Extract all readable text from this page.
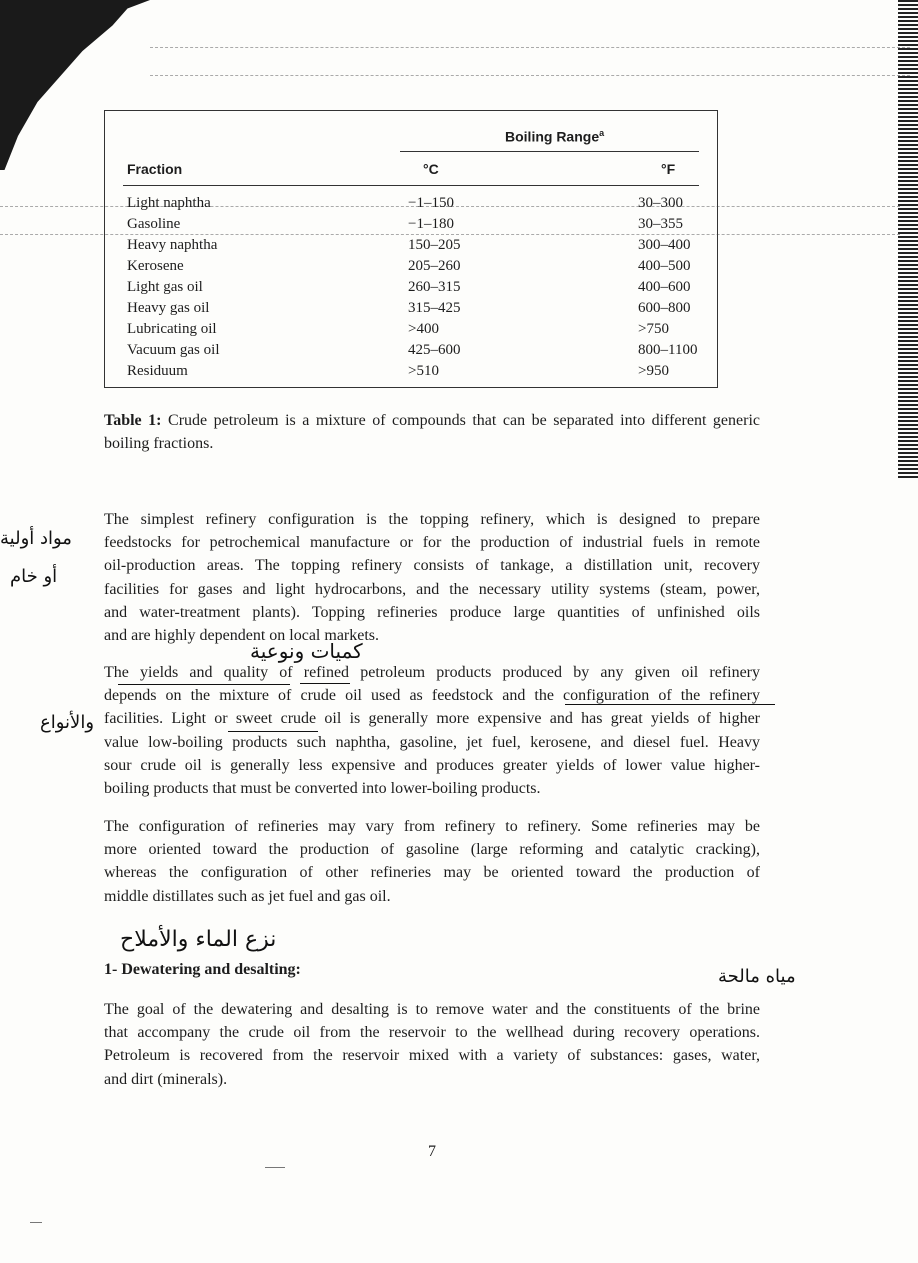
Boiling Range$^a$
Fraction	°C	°F
Light naphtha	−1–150	30–300
Gasoline	−1–180	30–355
Heavy naphtha	150–205	300–400
Kerosene	205–260	400–500
Light gas oil	260–315	400–600
Heavy gas oil	315–425	600–800
Lubricating oil	>400	>750
Vacuum gas oil	425–600	800–1100
Residuum	>510	>950
Table 1: Crude petroleum is a mixture of compounds that can be separated into different generic boiling fractions.
The simplest refinery configuration is the topping refinery, which is designed to prepare
feedstocks for petrochemical manufacture or for the production of industrial fuels in remote
oil-production areas. The topping refinery consists of tankage, a distillation unit, recovery
facilities for gases and light hydrocarbons, and the necessary utility systems (steam, power,
and water-treatment plants). Topping refineries produce large quantities of unfinished oils
and are highly dependent on local markets.
The yields and quality of refined petroleum products produced by any given oil refinery
depends on the mixture of crude oil used as feedstock and the configuration of the refinery
facilities. Light or sweet crude oil is generally more expensive and has great yields of higher
value low-boiling products such naphtha, gasoline, jet fuel, kerosene, and diesel fuel. Heavy
sour crude oil is generally less expensive and produces greater yields of lower value higher-
boiling products that must be converted into lower-boiling products.
The configuration of refineries may vary from refinery to refinery. Some refineries may be
more oriented toward the production of gasoline (large reforming and catalytic cracking),
whereas the configuration of other refineries may be oriented toward the production of
middle distillates such as jet fuel and gas oil.
1- Dewatering and desalting:
The goal of the dewatering and desalting is to remove water and the constituents of the brine
that accompany the crude oil from the reservoir to the wellhead during recovery operations.
Petroleum is recovered from the reservoir mixed with a variety of substances: gases, water,
and dirt (minerals).
7
مواد أولية
أو خام
كميات ونوعية
والأنواع
نزع الماء والأملاح
مياه مالحة
